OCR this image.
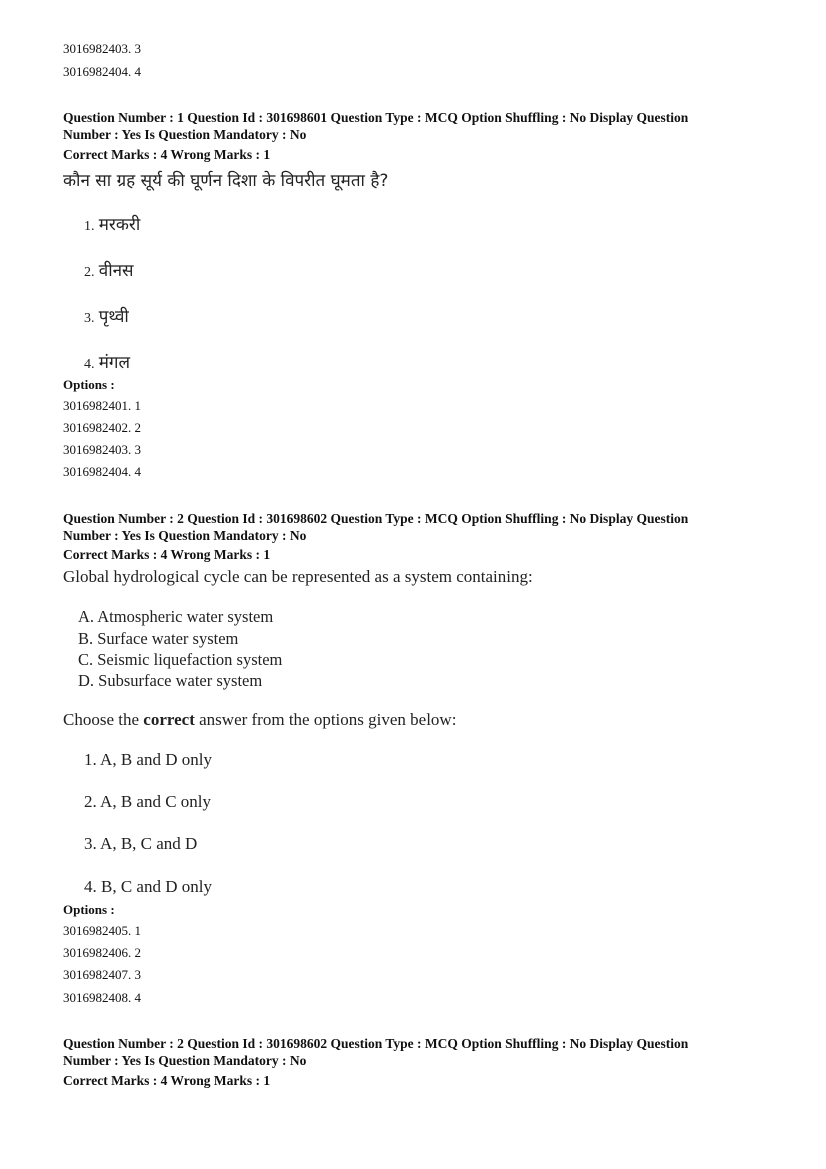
3016982403. 3
3016982404. 4
Question Number : 1 Question Id : 301698601 Question Type : MCQ Option Shuffling : No Display Question
Number : Yes Is Question Mandatory : No
Correct Marks : 4 Wrong Marks : 1
कौन सा ग्रह सूर्य की घूर्णन दिशा के विपरीत घूमता है?
1. मरकरी
2. वीनस
3. पृथ्वी
4. मंगल
Options :
3016982401. 1
3016982402. 2
3016982403. 3
3016982404. 4
Question Number : 2 Question Id : 301698602 Question Type : MCQ Option Shuffling : No Display Question
Number : Yes Is Question Mandatory : No
Correct Marks : 4 Wrong Marks : 1
Global hydrological cycle can be represented as a system containing:
A. Atmospheric water system
B. Surface water system
C. Seismic liquefaction system
D. Subsurface water system
Choose the correct answer from the options given below:
1. A, B and D only
2. A, B and C only
3. A, B, C and D
4. B, C and D only
Options :
3016982405. 1
3016982406. 2
3016982407. 3
3016982408. 4
Question Number : 2 Question Id : 301698602 Question Type : MCQ Option Shuffling : No Display Question
Number : Yes Is Question Mandatory : No
Correct Marks : 4 Wrong Marks : 1
